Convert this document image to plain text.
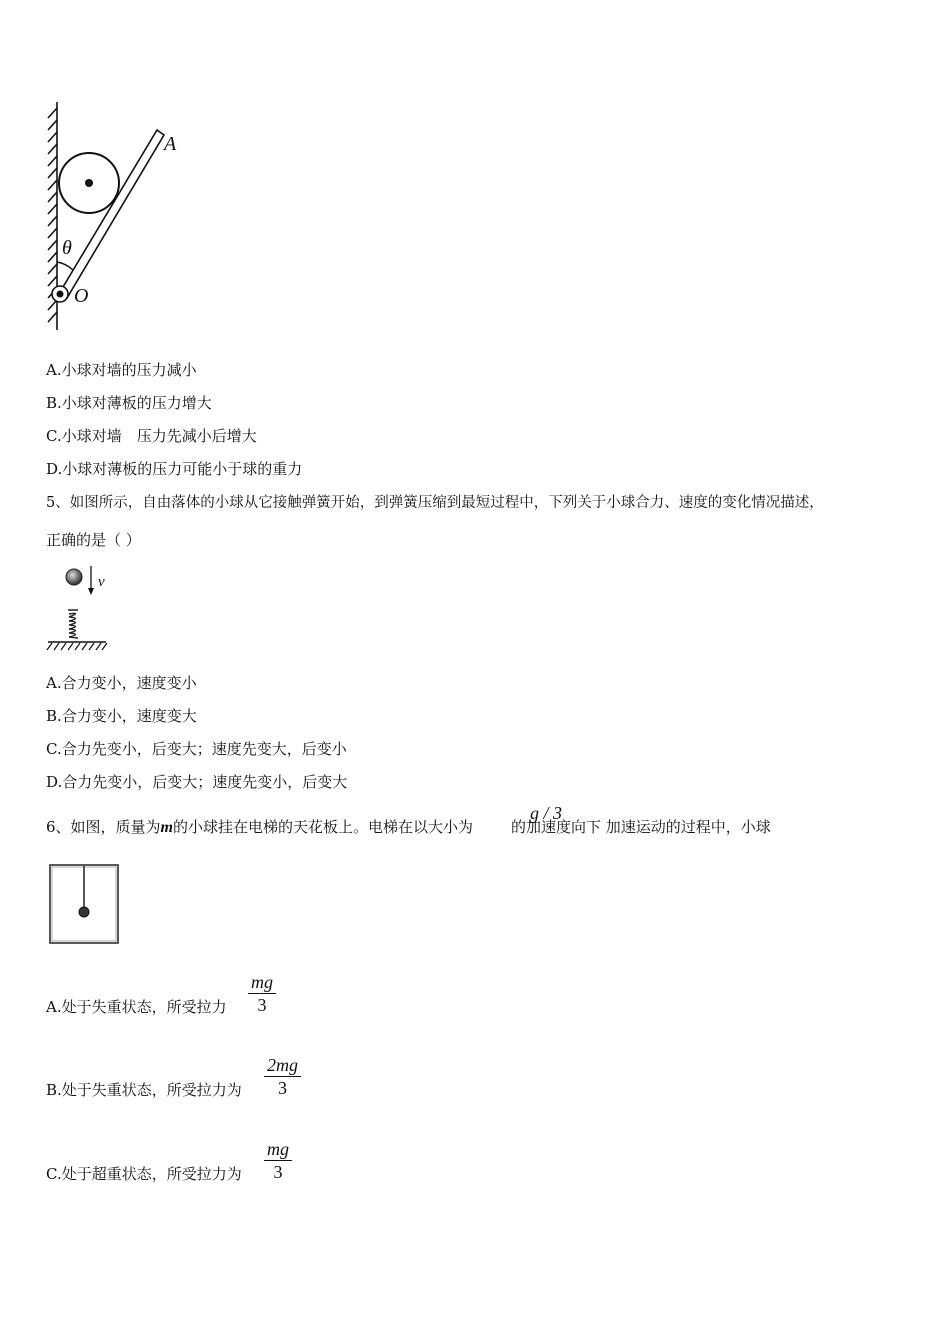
A
θ
O
A.小球对墙的压力减小
B.小球对薄板的压力增大
C.小球对墙　压力先减小后增大
D.小球对薄板的压力可能小于球的重力
5、如图所示，自由落体的小球从它接触弹簧开始，到弹簧压缩到最短过程中，下列关于小球合力、速度的变化情况描述，
正确的是（ ）
v
A.合力变小，速度变小
B.合力变小，速度变大
C.合力先变小，后变大；速度先变大，后变小
D.合力先变小，后变大；速度先变小，后变大
6、如图，质量为m的小球挂在电梯的天花板上。电梯在以大小为	的加速度向下 加速运动的过程中，小球
g / 3
A.处于失重状态，所受拉力 $\frac{mg}{3}$
B.处于失重状态，所受拉力为 $\frac{2mg}{3}$
C.处于超重状态，所受拉力为 $\frac{mg}{3}$
